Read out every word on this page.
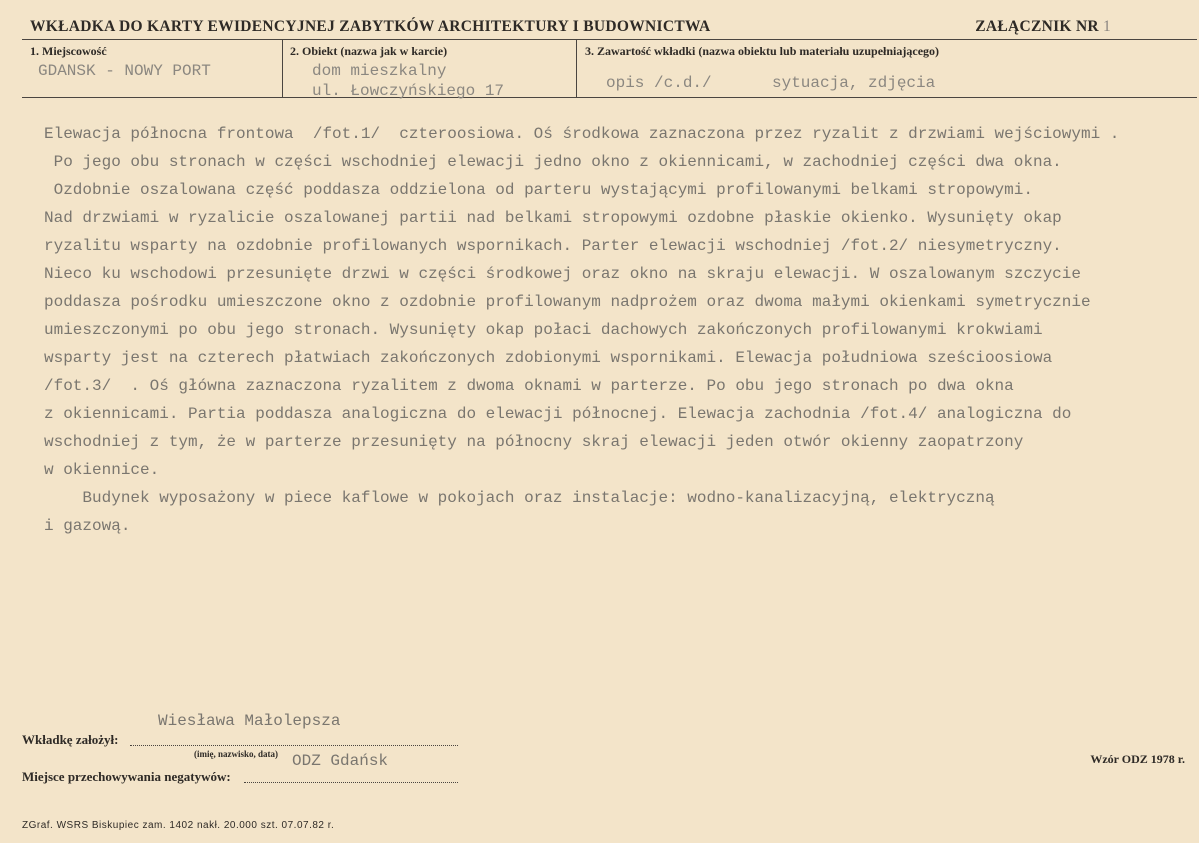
WKŁADKA DO KARTY EWIDENCYJNEJ ZABYTKÓW ARCHITEKTURY I BUDOWNICTWA	ZAŁĄCZNIK NR 1
1. Miejscowość
GDANSK - NOWY PORT
2. Obiekt (nazwa jak w karcie)
dom mieszkalny
ul. Łowczyńskiego 17
3. Zawartość wkładki (nazwa obiektu lub materiału uzupełniającego)
opis /c.d./	sytuacja, zdjęcia
Elewacja północna frontowa  /fot.1/  czteroosiowa. Oś środkowa zaznaczona przez ryzalit z drzwiami wejściowymi .
Po jego obu stronach w części wschodniej elewacji jedno okno z okiennicami, w zachodniej części dwa okna.
Ozdobnie oszalowana część poddasza oddzielona od parteru wystającymi profilowanymi belkami stropowymi.
Nad drzwiami w ryzalicie oszalowanej partii nad belkami stropowymi ozdobne płaskie okienko. Wysunięty okap
ryzalitu wsparty na ozdobnie profilowanych wspornikach. Parter elewacji wschodniej /fot.2/ niesymetryczny.
Nieco ku wschodowi przesunięte drzwi w części środkowej oraz okno na skraju elewacji. W oszalowanym szczycie
poddasza pośrodku umieszczone okno z ozdobnie profilowanym nadprożem oraz dwoma małymi okienkami symetrycznie
umieszczonymi po obu jego stronach. Wysunięty okap połaci dachowych zakończonych profilowanymi krokwiami
wsparty jest na czterech płatwiach zakończonych zdobionymi wspornikami. Elewacja południowa sześcioosiowa
/fot.3/  . Oś główna zaznaczona ryzalitem z dwoma oknami w parterze. Po obu jego stronach po dwa okna
z okiennicami. Partia poddasza analogiczna do elewacji północnej. Elewacja zachodnia /fot.4/ analogiczna do
wschodniej z tym, że w parterze przesunięty na północny skraj elewacji jeden otwór okienny zaopatrzony
w okiennice.
Budynek wyposażony w piece kaflowe w pokojach oraz instalacje: wodno-kanalizacyjną, elektryczną
i gazową.
Wiesława Małolepsza
Wkładkę założył:
(imię, nazwisko, data) ODZ Gdańsk
Miejsce przechowywania negatywów:
Wzór ODZ 1978 r.
ZGraf. WSRS Biskupiec zam. 1402 nakł. 20.000 szt. 07.07.82 r.
